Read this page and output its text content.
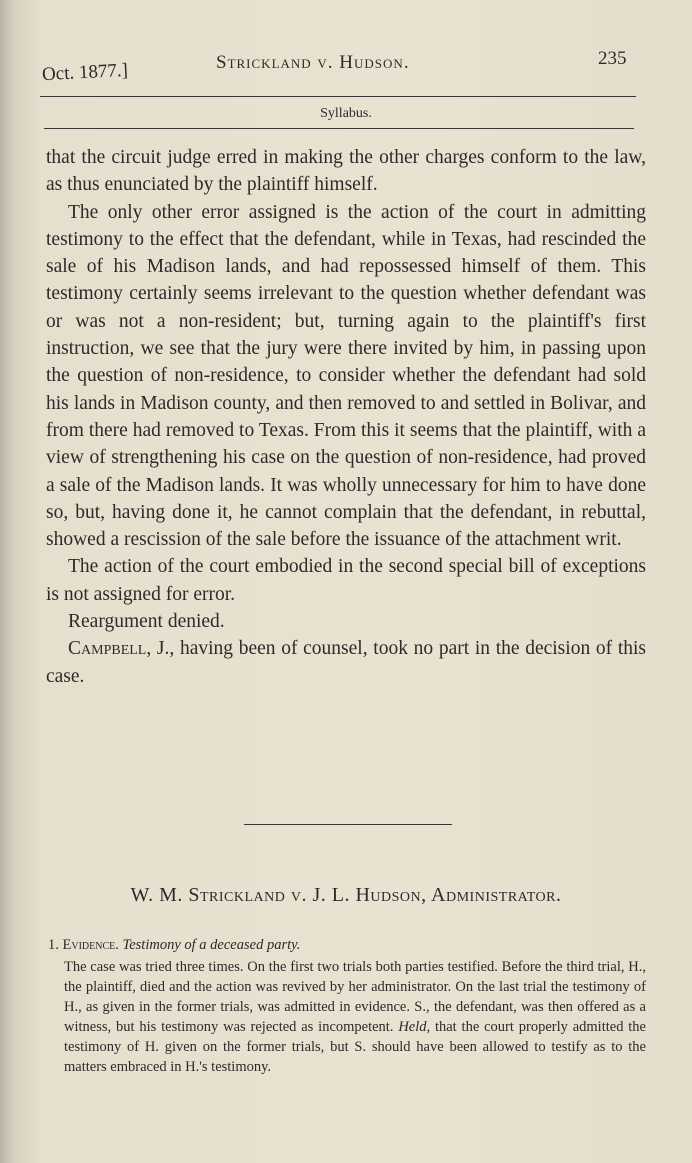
Oct. 1877.]	Strickland v. Hudson.	235
Syllabus.

that the circuit judge erred in making the other charges conform to the law, as thus enunciated by the plaintiff himself.

The only other error assigned is the action of the court in admitting testimony to the effect that the defendant, while in Texas, had rescinded the sale of his Madison lands, and had repossessed himself of them. This testimony certainly seems irrelevant to the question whether defendant was or was not a non-resident; but, turning again to the plaintiff's first instruction, we see that the jury were there invited by him, in passing upon the question of non-residence, to consider whether the defendant had sold his lands in Madison county, and then removed to and settled in Bolivar, and from there had removed to Texas. From this it seems that the plaintiff, with a view of strengthening his case on the question of non-residence, had proved a sale of the Madison lands. It was wholly unnecessary for him to have done so, but, having done it, he cannot complain that the defendant, in rebuttal, showed a rescission of the sale before the issuance of the attachment writ.

The action of the court embodied in the second special bill of exceptions is not assigned for error.

Reargument denied.

Campbell, J., having been of counsel, took no part in the decision of this case.

W. M. Strickland v. J. L. Hudson, Administrator.

1. Evidence. Testimony of a deceased party.

The case was tried three times. On the first two trials both parties testified. Before the third trial, H., the plaintiff, died and the action was revived by her administrator. On the last trial the testimony of H., as given in the former trials, was admitted in evidence. S., the defendant, was then offered as a witness, but his testimony was rejected as incompetent. Held, that the court properly admitted the testimony of H. given on the former trials, but S. should have been allowed to testify as to the matters embraced in H.'s testimony.
